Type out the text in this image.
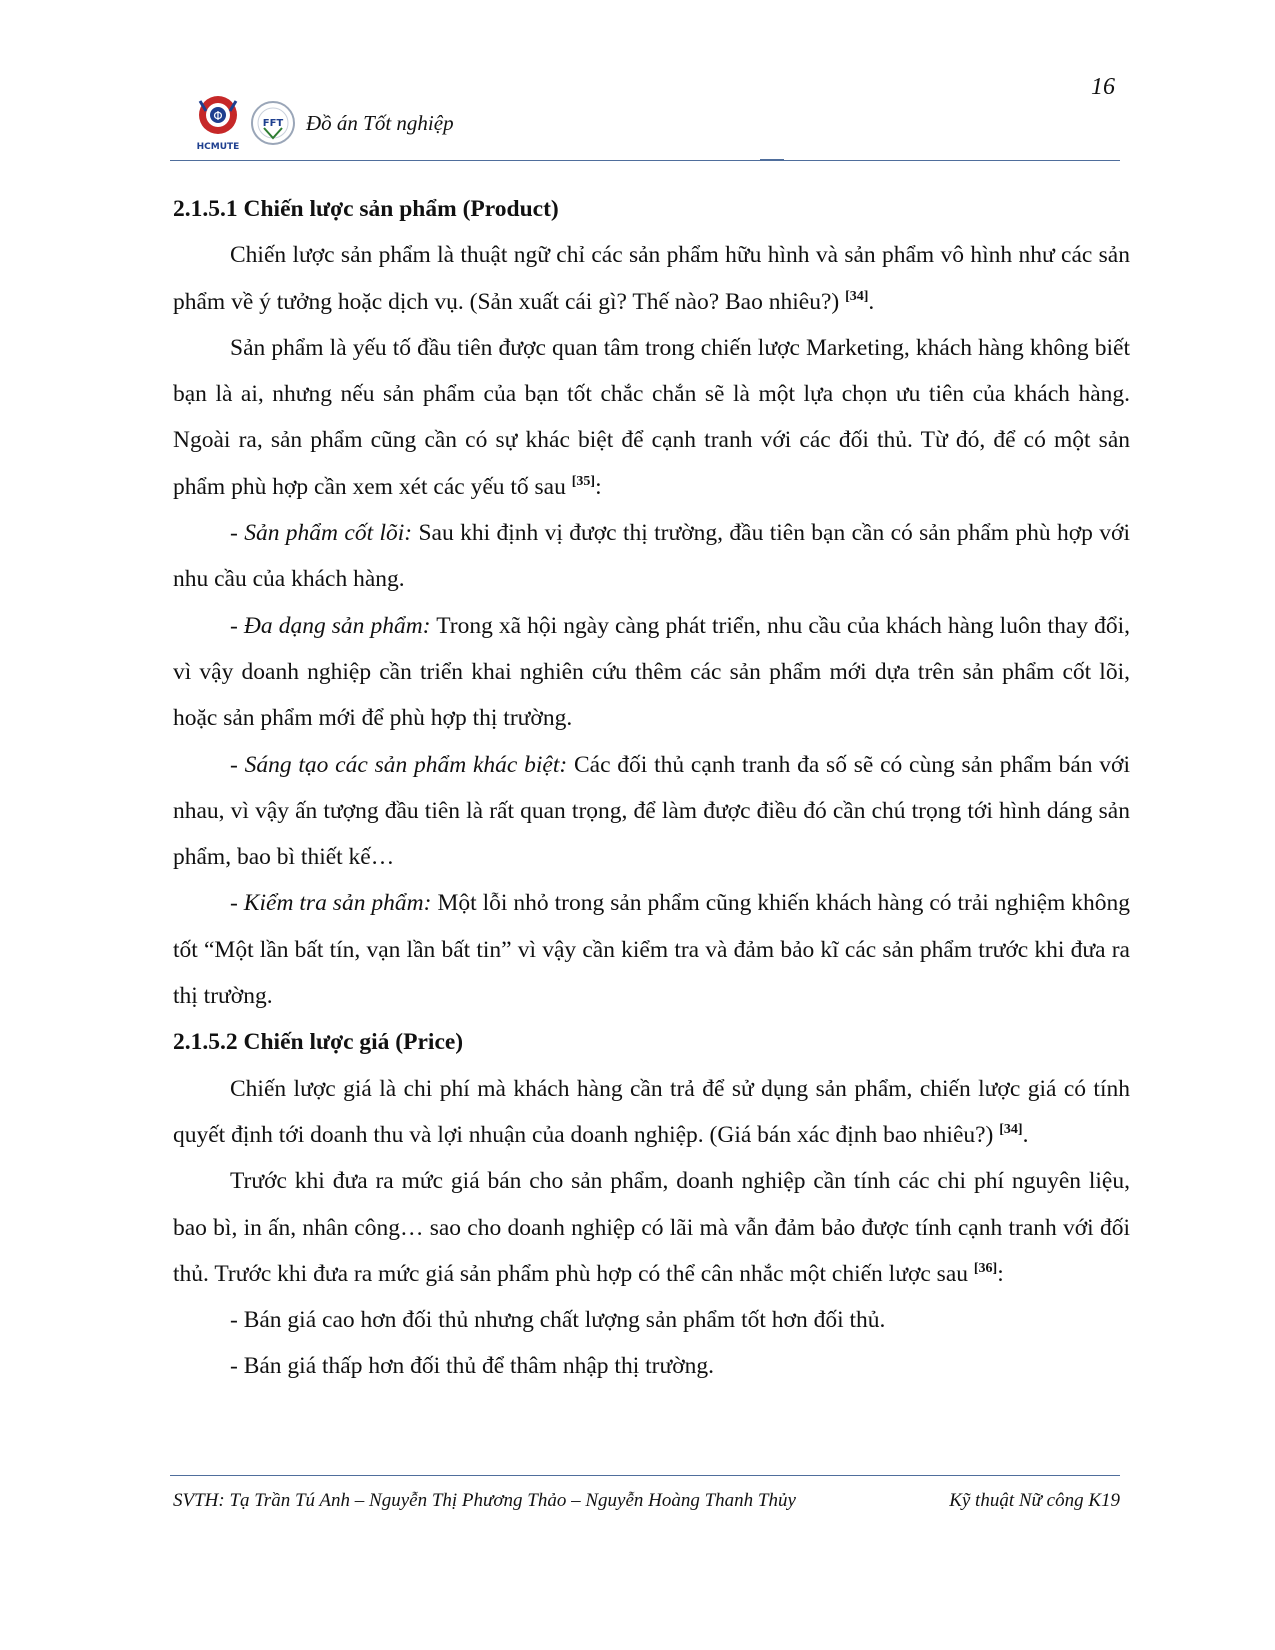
16
Φ
HCMUTE
FFT Đồ án Tốt nghiệp

2.1.5.1 Chiến lược sản phẩm (Product)

Chiến lược sản phẩm là thuật ngữ chỉ các sản phẩm hữu hình và sản phẩm vô hình như các sản phẩm về ý tưởng hoặc dịch vụ. (Sản xuất cái gì? Thế nào? Bao nhiêu?) [34].

Sản phẩm là yếu tố đầu tiên được quan tâm trong chiến lược Marketing, khách hàng không biết bạn là ai, nhưng nếu sản phẩm của bạn tốt chắc chắn sẽ là một lựa chọn ưu tiên của khách hàng. Ngoài ra, sản phẩm cũng cần có sự khác biệt để cạnh tranh với các đối thủ. Từ đó, để có một sản phẩm phù hợp cần xem xét các yếu tố sau [35]:

- Sản phẩm cốt lõi: Sau khi định vị được thị trường, đầu tiên bạn cần có sản phẩm phù hợp với nhu cầu của khách hàng.

- Đa dạng sản phẩm: Trong xã hội ngày càng phát triển, nhu cầu của khách hàng luôn thay đổi, vì vậy doanh nghiệp cần triển khai nghiên cứu thêm các sản phẩm mới dựa trên sản phẩm cốt lõi, hoặc sản phẩm mới để phù hợp thị trường.

- Sáng tạo các sản phẩm khác biệt: Các đối thủ cạnh tranh đa số sẽ có cùng sản phẩm bán với nhau, vì vậy ấn tượng đầu tiên là rất quan trọng, để làm được điều đó cần chú trọng tới hình dáng sản phẩm, bao bì thiết kế…

- Kiểm tra sản phẩm: Một lỗi nhỏ trong sản phẩm cũng khiến khách hàng có trải nghiệm không tốt “Một lần bất tín, vạn lần bất tin” vì vậy cần kiểm tra và đảm bảo kĩ các sản phẩm trước khi đưa ra thị trường.

2.1.5.2 Chiến lược giá (Price)

Chiến lược giá là chi phí mà khách hàng cần trả để sử dụng sản phẩm, chiến lược giá có tính quyết định tới doanh thu và lợi nhuận của doanh nghiệp. (Giá bán xác định bao nhiêu?) [34].

Trước khi đưa ra mức giá bán cho sản phẩm, doanh nghiệp cần tính các chi phí nguyên liệu, bao bì, in ấn, nhân công… sao cho doanh nghiệp có lãi mà vẫn đảm bảo được tính cạnh tranh với đối thủ. Trước khi đưa ra mức giá sản phẩm phù hợp có thể cân nhắc một chiến lược sau [36]:

- Bán giá cao hơn đối thủ nhưng chất lượng sản phẩm tốt hơn đối thủ.

- Bán giá thấp hơn đối thủ để thâm nhập thị trường.

SVTH: Tạ Trần Tú Anh – Nguyễn Thị Phương Thảo – Nguyễn Hoàng Thanh Thủy	Kỹ thuật Nữ công K19
